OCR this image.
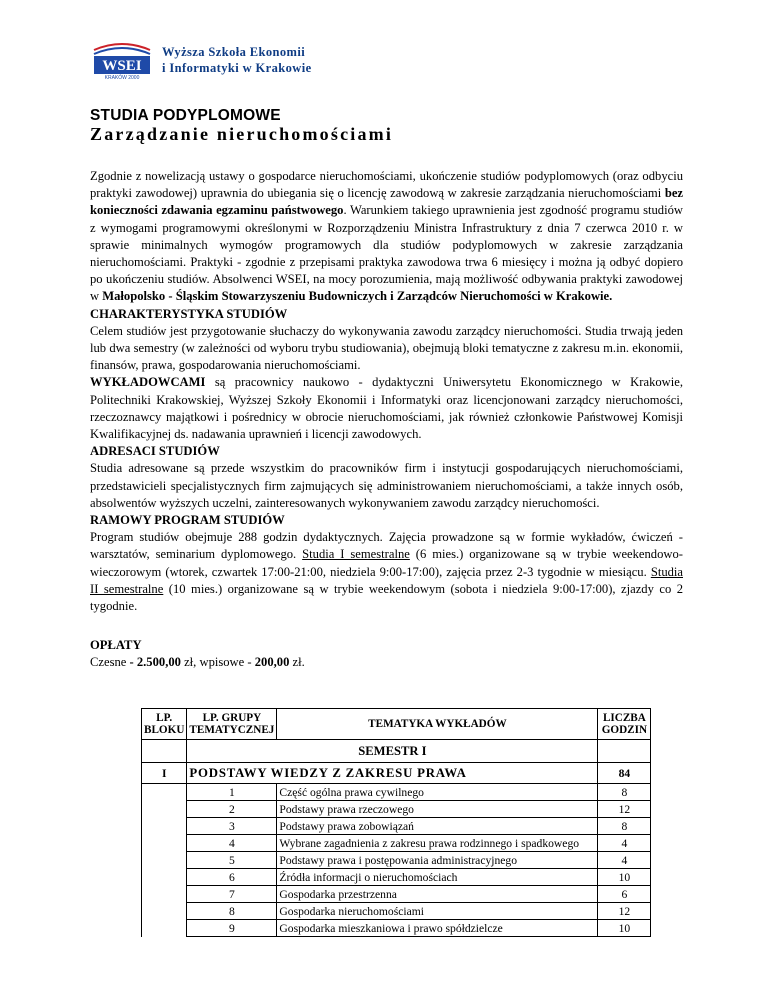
WSEI
KRAKÓW 2000
Wyższa Szkoła Ekonomii
i Informatyki w Krakowie
STUDIA PODYPLOMOWE
Zarządzanie nieruchomościami

Zgodnie z nowelizacją ustawy o gospodarce nieruchomościami, ukończenie studiów podyplomowych (oraz odbyciu praktyki zawodowej) uprawnia do ubiegania się o licencję zawodową w zakresie zarządzania nieruchomościami bez konieczności zdawania egzaminu państwowego. Warunkiem takiego uprawnienia jest zgodność programu studiów z wymogami programowymi określonymi w Rozporządzeniu Ministra Infrastruktury z dnia 7 czerwca 2010 r. w sprawie minimalnych wymogów programowych dla studiów podyplomowych w zakresie zarządzania nieruchomościami. Praktyki - zgodnie z przepisami praktyka zawodowa trwa 6 miesięcy i można ją odbyć dopiero po ukończeniu studiów. Absolwenci WSEI, na mocy porozumienia, mają możliwość odbywania praktyki zawodowej w Małopolsko - Śląskim Stowarzyszeniu Budowniczych i Zarządców Nieruchomości w Krakowie.

CHARAKTERYSTYKA STUDIÓW
Celem studiów jest przygotowanie słuchaczy do wykonywania zawodu zarządcy nieruchomości. Studia trwają jeden lub dwa semestry (w zależności od wyboru trybu studiowania), obejmują bloki tematyczne z zakresu m.in. ekonomii, finansów, prawa, gospodarowania nieruchomościami.

WYKŁADOWCAMI są pracownicy naukowo - dydaktyczni Uniwersytetu Ekonomicznego w Krakowie, Politechniki Krakowskiej, Wyższej Szkoły Ekonomii i Informatyki oraz licencjonowani zarządcy nieruchomości, rzeczoznawcy majątkowi i pośrednicy w obrocie nieruchomościami, jak również członkowie Państwowej Komisji Kwalifikacyjnej ds. nadawania uprawnień i licencji zawodowych.

ADRESACI STUDIÓW
Studia adresowane są przede wszystkim do pracowników firm i instytucji gospodarujących nieruchomościami, przedstawicieli specjalistycznych firm zajmujących się administrowaniem nieruchomościami, a także innych osób, absolwentów wyższych uczelni, zainteresowanych wykonywaniem zawodu zarządcy nieruchomości.

RAMOWY PROGRAM STUDIÓW
Program studiów obejmuje 288 godzin dydaktycznych. Zajęcia prowadzone są w formie wykładów, ćwiczeń - warsztatów, seminarium dyplomowego. Studia I semestralne (6 mies.) organizowane są w trybie weekendowo-wieczorowym (wtorek, czwartek 17:00-21:00, niedziela 9:00-17:00), zajęcia przez 2-3 tygodnie w miesiącu. Studia II semestralne (10 mies.) organizowane są w trybie weekendowym (sobota i niedziela 9:00-17:00), zjazdy co 2 tygodnie.

OPŁATY
Czesne - 2.500,00 zł, wpisowe - 200,00 zł.

LP. BLOKU	LP. GRUPY TEMATYCZNEJ	TEMATYKA WYKŁADÓW	LICZBA GODZIN
	SEMESTR I		
I	PODSTAWY WIEDZY Z ZAKRESU PRAWA		84
	1	Część ogólna prawa cywilnego	8
	2	Podstawy prawa rzeczowego	12
	3	Podstawy prawa zobowiązań	8
	4	Wybrane zagadnienia z zakresu prawa rodzinnego i spadkowego	4
	5	Podstawy prawa i postępowania administracyjnego	4
	6	Źródła informacji o nieruchomościach	10
	7	Gospodarka przestrzenna	6
	8	Gospodarka nieruchomościami	12
	9	Gospodarka mieszkaniowa i prawo spółdzielcze	10
